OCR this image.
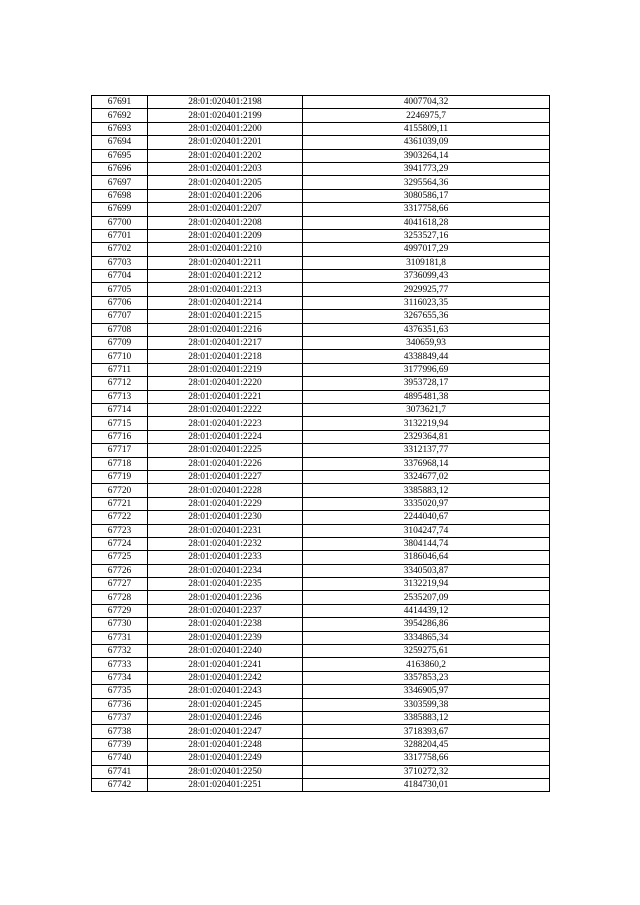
67691	28:01:020401:2198	4007704,32
67692	28:01:020401:2199	2246975,7
67693	28:01:020401:2200	4155809,11
67694	28:01:020401:2201	4361039,09
67695	28:01:020401:2202	3903264,14
67696	28:01:020401:2203	3941773,29
67697	28:01:020401:2205	3295564,36
67698	28:01:020401:2206	3080586,17
67699	28:01:020401:2207	3317758,66
67700	28:01:020401:2208	4041618,28
67701	28:01:020401:2209	3253527,16
67702	28:01:020401:2210	4997017,29
67703	28:01:020401:2211	3109181,8
67704	28:01:020401:2212	3736099,43
67705	28:01:020401:2213	2929925,77
67706	28:01:020401:2214	3116023,35
67707	28:01:020401:2215	3267655,36
67708	28:01:020401:2216	4376351,63
67709	28:01:020401:2217	340659,93
67710	28:01:020401:2218	4338849,44
67711	28:01:020401:2219	3177996,69
67712	28:01:020401:2220	3953728,17
67713	28:01:020401:2221	4895481,38
67714	28:01:020401:2222	3073621,7
67715	28:01:020401:2223	3132219,94
67716	28:01:020401:2224	2329364,81
67717	28:01:020401:2225	3312137,77
67718	28:01:020401:2226	3376968,14
67719	28:01:020401:2227	3324677,02
67720	28:01:020401:2228	3385883,12
67721	28:01:020401:2229	3335020,97
67722	28:01:020401:2230	2244040,67
67723	28:01:020401:2231	3104247,74
67724	28:01:020401:2232	3804144,74
67725	28:01:020401:2233	3186046,64
67726	28:01:020401:2234	3340503,87
67727	28:01:020401:2235	3132219,94
67728	28:01:020401:2236	2535207,09
67729	28:01:020401:2237	4414439,12
67730	28:01:020401:2238	3954286,86
67731	28:01:020401:2239	3334865,34
67732	28:01:020401:2240	3259275,61
67733	28:01:020401:2241	4163860,2
67734	28:01:020401:2242	3357853,23
67735	28:01:020401:2243	3346905,97
67736	28:01:020401:2245	3303599,38
67737	28:01:020401:2246	3385883,12
67738	28:01:020401:2247	3718393,67
67739	28:01:020401:2248	3288204,45
67740	28:01:020401:2249	3317758,66
67741	28:01:020401:2250	3710272,32
67742	28:01:020401:2251	4184730,01
